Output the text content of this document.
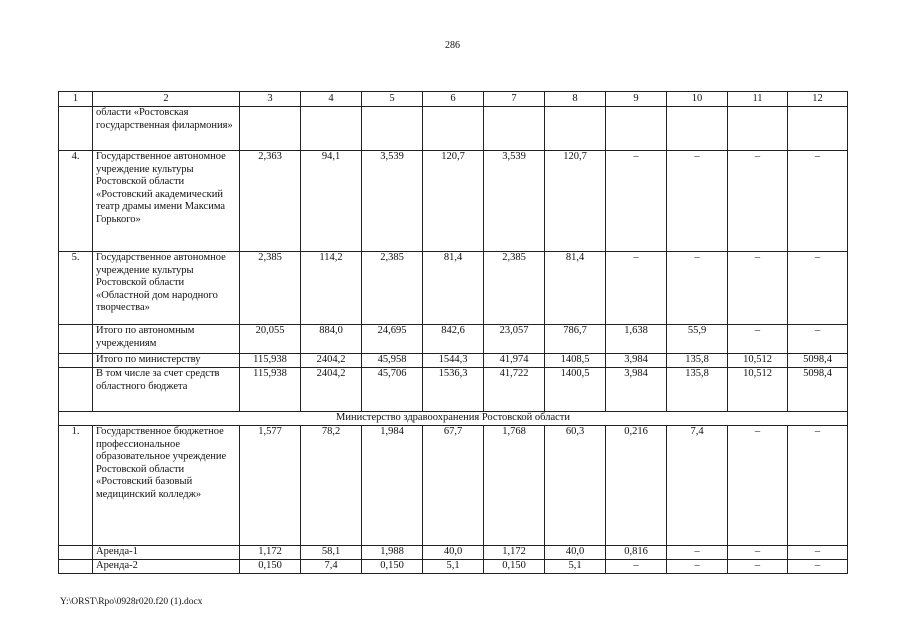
286
1	2	3	4	5	6	7	8	9	10	11	12
	области «Ростовская государственная филармония»										
4.	Государственное автономное учреждение культуры Ростовской области «Ростовский академический театр драмы имени Максима Горького»	2,363	94,1	3,539	120,7	3,539	120,7	–	–	–	–
5.	Государственное автономное учреждение культуры Ростовской области «Областной дом народного творчества»	2,385	114,2	2,385	81,4	2,385	81,4	–	–	–	–
	Итого по автономным учреждениям	20,055	884,0	24,695	842,6	23,057	786,7	1,638	55,9	–	–
	Итого по министерству	115,938	2404,2	45,958	1544,3	41,974	1408,5	3,984	135,8	10,512	5098,4
	В том числе за счет средств областного бюджета	115,938	2404,2	45,706	1536,3	41,722	1400,5	3,984	135,8	10,512	5098,4
Министерство здравоохранения Ростовской области											
1.	Государственное бюджетное профессиональное образовательное учреждение Ростовской области «Ростовский базовый медицинский колледж»	1,577	78,2	1,984	67,7	1,768	60,3	0,216	7,4	–	–
	Аренда-1	1,172	58,1	1,988	40,0	1,172	40,0	0,816	–	–	–
	Аренда-2	0,150	7,4	0,150	5,1	0,150	5,1	–	–	–	–
Y:\ORST\Rpo\0928r020.f20 (1).docx
